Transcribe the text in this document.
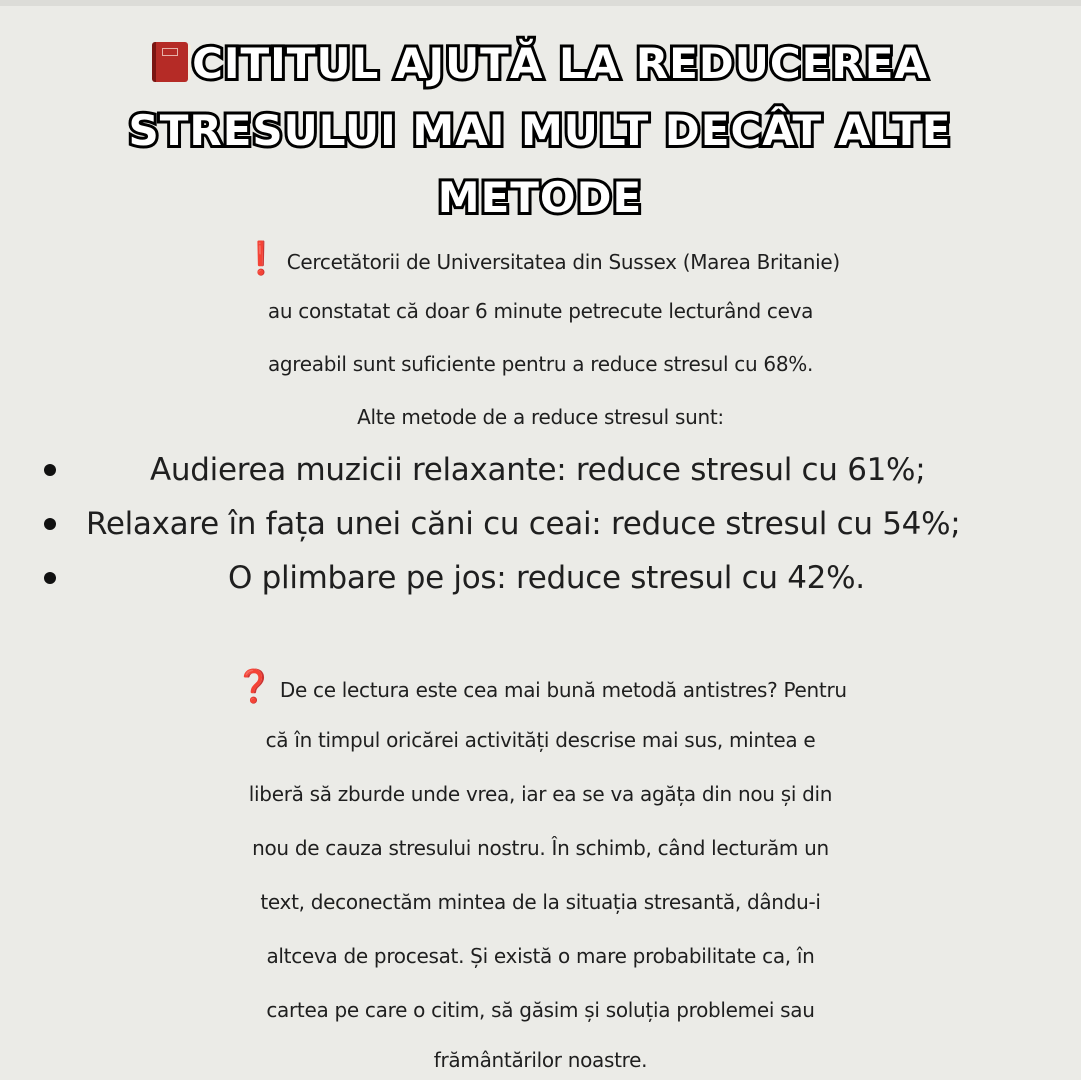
CITITUL AJUTĂ LA REDUCEREA
STRESULUI MAI MULT DECÂT ALTE
METODE
❗ Cercetătorii de Universitatea din Sussex (Marea Britanie)
au constatat că doar 6 minute petrecute lecturând ceva
agreabil sunt suficiente pentru a reduce stresul cu 68%.
Alte metode de a reduce stresul sunt:
Audierea muzicii relaxante: reduce stresul cu 61%;
Relaxare în fața unei căni cu ceai: reduce stresul cu 54%;
O plimbare pe jos: reduce stresul cu 42%.
❓ De ce lectura este cea mai bună metodă antistres? Pentru
că în timpul oricărei activități descrise mai sus, mintea e
liberă să zburde unde vrea, iar ea se va agăța din nou și din
nou de cauza stresului nostru. În schimb, când lecturăm un
text, deconectăm mintea de la situația stresantă, dându-i
altceva de procesat. Și există o mare probabilitate ca, în
cartea pe care o citim, să găsim și soluția problemei sau
frământărilor noastre.
